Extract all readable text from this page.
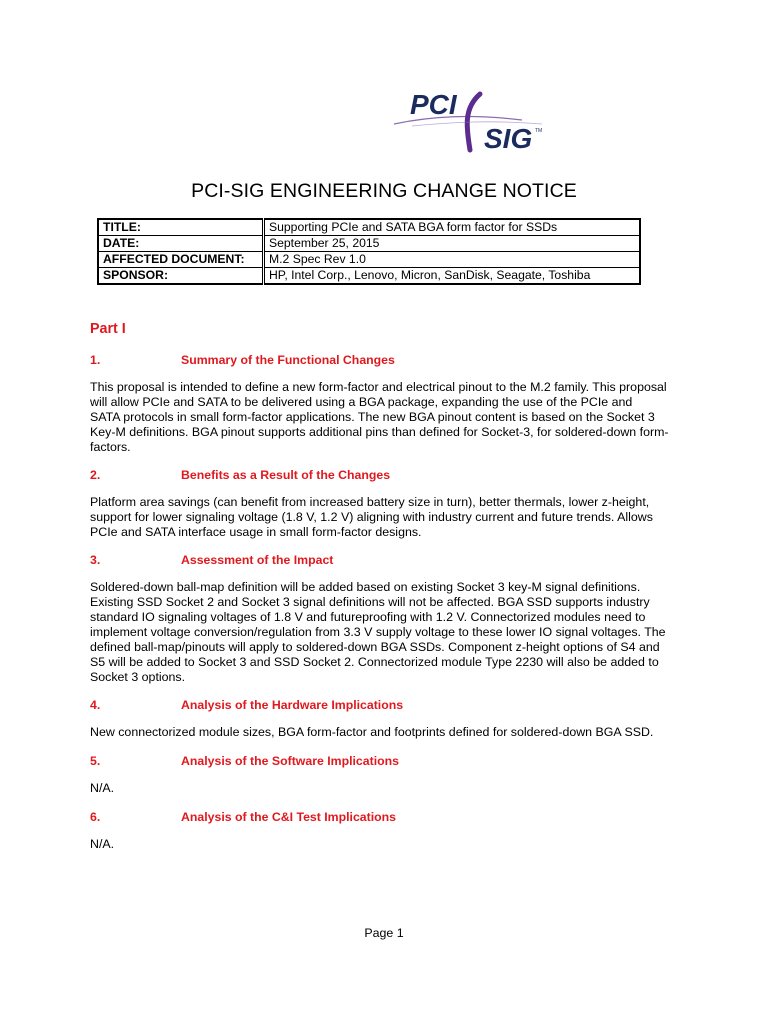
PCI
SIG TM
PCI-SIG ENGINEERING CHANGE NOTICE
TITLE:	Supporting PCIe and SATA BGA form factor for SSDs
DATE:	September 25, 2015
AFFECTED DOCUMENT:	M.2 Spec Rev 1.0
SPONSOR:	HP, Intel Corp., Lenovo, Micron, SanDisk, Seagate, Toshiba
Part I
1.	Summary of the Functional Changes
This proposal is intended to define a new form-factor and electrical pinout to the M.2 family. This proposal
will allow PCIe and SATA to be delivered using a BGA package, expanding the use of the PCIe and
SATA protocols in small form-factor applications. The new BGA pinout content is based on the Socket 3
Key-M definitions. BGA pinout supports additional pins than defined for Socket-3, for soldered-down form-
factors.
2.	Benefits as a Result of the Changes
Platform area savings (can benefit from increased battery size in turn), better thermals, lower z-height,
support for lower signaling voltage (1.8 V, 1.2 V) aligning with industry current and future trends. Allows
PCIe and SATA interface usage in small form-factor designs.
3.	Assessment of the Impact
Soldered-down ball-map definition will be added based on existing Socket 3 key-M signal definitions.
Existing SSD Socket 2 and Socket 3 signal definitions will not be affected. BGA SSD supports industry
standard IO signaling voltages of 1.8 V and futureproofing with 1.2 V. Connectorized modules need to
implement voltage conversion/regulation from 3.3 V supply voltage to these lower IO signal voltages. The
defined ball-map/pinouts will apply to soldered-down BGA SSDs. Component z-height options of S4 and
S5 will be added to Socket 3 and SSD Socket 2. Connectorized module Type 2230 will also be added to
Socket 3 options.
4.	Analysis of the Hardware Implications
New connectorized module sizes, BGA form-factor and footprints defined for soldered-down BGA SSD.
5.	Analysis of the Software Implications
N/A.
6.	Analysis of the C&I Test Implications
N/A.
Page 1
